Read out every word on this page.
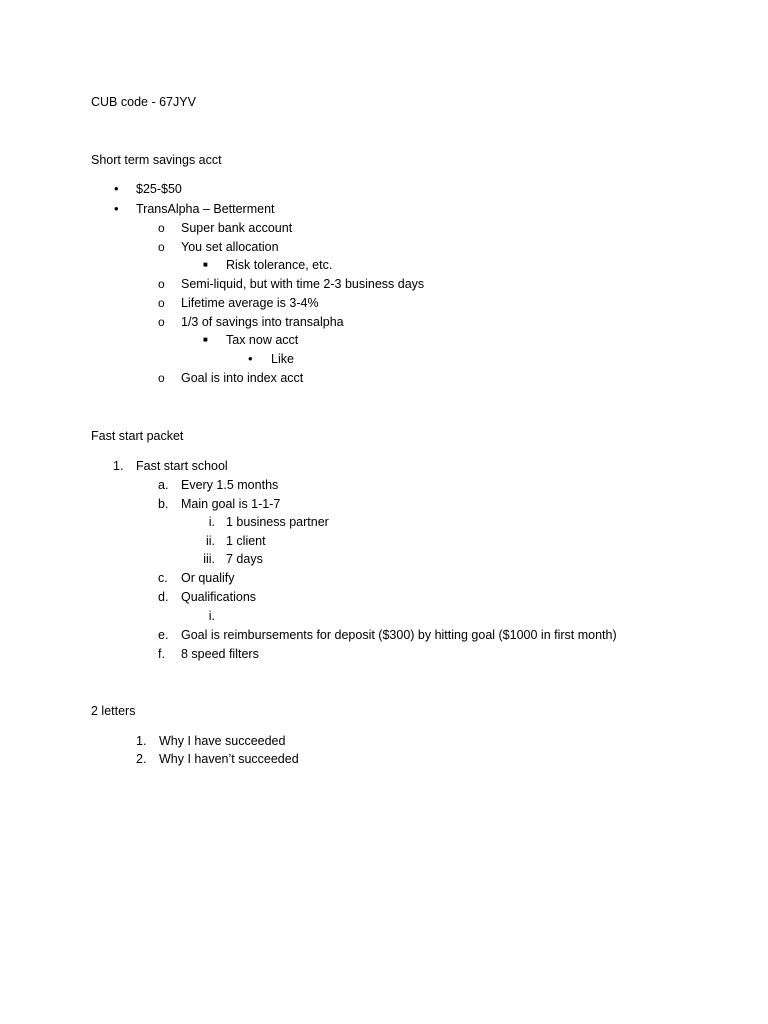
CUB code - 67JYV
Short term savings acct
• $25-$50
• TransAlpha – Betterment
o Super bank account
o You set allocation
■ Risk tolerance, etc.
o Semi-liquid, but with time 2-3 business days
o Lifetime average is 3-4%
o 1/3 of savings into transalpha
■ Tax now acct
• Like
o Goal is into index acct
Fast start packet
1. Fast start school
a. Every 1.5 months
b. Main goal is 1-1-7
i. 1 business partner
ii. 1 client
iii. 7 days
c. Or qualify
d. Qualifications
i.
e. Goal is reimbursements for deposit ($300) by hitting goal ($1000 in first month)
f. 8 speed filters
2 letters
1. Why I have succeeded
2. Why I haven’t succeeded
